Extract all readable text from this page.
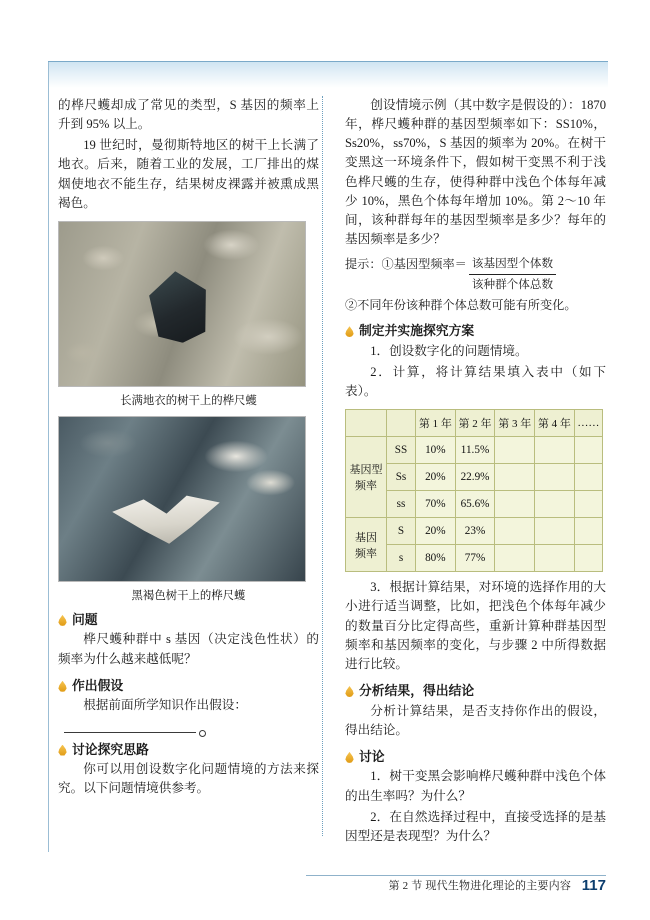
的桦尺蠖却成了常见的类型，S 基因的频率上升到 95% 以上。

19 世纪时，曼彻斯特地区的树干上长满了地衣。后来，随着工业的发展，工厂排出的煤烟使地衣不能生存，结果树皮裸露并被熏成黑褐色。

长满地衣的树干上的桦尺蠖
黑褐色树干上的桦尺蠖
问题

桦尺蠖种群中 s 基因（决定浅色性状）的频率为什么越来越低呢？

作出假设

根据前面所学知识作出假设：

讨论探究思路

你可以用创设数字化问题情境的方法来探究。以下问题情境供参考。

创设情境示例（其中数字是假设的）：1870 年，桦尺蠖种群的基因型频率如下：SS10%，Ss20%，ss70%，S 基因的频率为 20%。在树干变黑这一环境条件下，假如树干变黑不利于浅色桦尺蠖的生存，使得种群中浅色个体每年减少 10%，黑色个体每年增加 10%。第 2～10 年间，该种群每年的基因型频率是多少？每年的基因频率是多少？

提示：①基因型频率＝ $\frac{\text{该基因型个体数}}{\text{该种群个体总数}}$

②不同年份该种群个体总数可能有所变化。

制定并实施探究方案

1．创设数字化的问题情境。

2．计算，将计算结果填入表中（如下表）。

		第 1 年	第 2 年	第 3 年	第 4 年	……

基因型
频率	SS	10%	11.5%			
	Ss	20%	22.9%			
	ss	70%	65.6%			

基因
频率	S	20%	23%			
	s	80%	77%			

3．根据计算结果，对环境的选择作用的大小进行适当调整，比如，把浅色个体每年减少的数量百分比定得高些，重新计算种群基因型频率和基因频率的变化，与步骤 2 中所得数据进行比较。

分析结果，得出结论

分析计算结果，是否支持你作出的假设，得出结论。

讨论

1．树干变黑会影响桦尺蠖种群中浅色个体的出生率吗？为什么？

2．在自然选择过程中，直接受选择的是基因型还是表现型？为什么？

第 2 节 现代生物进化理论的主要内容 117
